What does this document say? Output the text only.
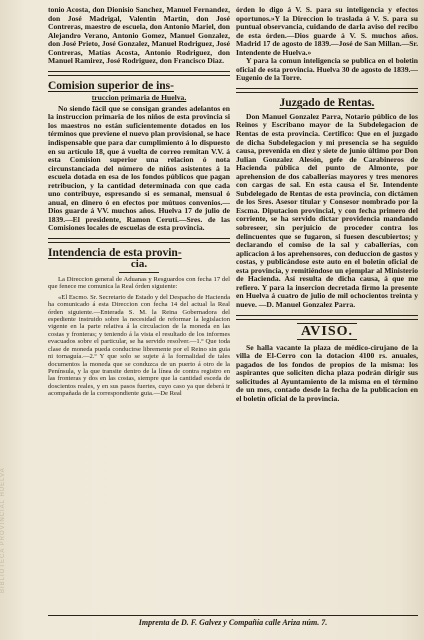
BIBLIOTECA PROVINCIAL HUELVA

tonio Acosta, don Dionisio Sanchez, Manuel Fernandez, don José Madrigal, Valentin Martin, don José Contreras, maestro de escuela, don Antonio Mariel, don Alejandro Verano, Antonio Gomez, Manuel Gonzalez, don José Prieto, José Gonzalez, Manuel Rodriguez, José Contreras, Matías Acosta, Antonio Rodriguez, don Manuel Ramirez, José Rodriguez, don Francisco Diaz.

Comision superior de ins-
truccion primaria de Huelva.

No siendo fácil que se consigan grandes adelantos en la instruccion primaria de los niños de esta provincia si los maestros no están suficientemente dotados en los términos que previene el nuevo plan provisional, se hace indispensable que para dar cumplimiento á lo dispuesto en su artículo 18, que á vuelta de correo remitan V.V. á esta Comision superior una relacion ó nota circunstanciada del número de niños asistentes á la escuela dotada en esa de los fondos públicos que pagan retribucion, y la cantidad determinada con que cada uno contribuye, espresando si es semanal, mensual ó anual, en dinero ó en efectos por mútuos convenios.—Dios guarde á VV. muchos años. Huelva 17 de julio de 1839.—El presidente, Ramon Cerutí.—Sres. de las Comisiones locales de escuelas de esta provincia.

Intendencia de esta provin-
cia.

La Direccion general de Aduanas y Resguardos con fecha 17 del que fenece me comunica la Real órden siguiente:

«El Escmo. Sr. Secretario de Estado y del Despacho de Hacienda ha comunicado á esta Direccion con fecha 14 del actual la Real órden siguiente.—Enterada S. M. la Reina Gobernadora del espediente instruido sobre la necesidad de reformar la legislacion vigente en la parte relativa á la circulacion de la moneda en las costas y fronteras; y teniendo á la vista el resultado de los informes evacuados sobre el particular, se ha servido resolver.—1.º Que toda clase de moneda pueda conducirse libremente por el Reino sin guia ni tornaguía.—2.º Y que solo se sujete á la formalidad de tales documentos la moneda que se conduzca de un puerto á otro de la Península, y la que transite dentro de la línea de contra registro en las fronteras y dos en las costas, siempre que la cantidad esceda de doscientos reales, y en sus pasos fuertes, cuyo caso ya que deberá ir acompañada de la correspondiente guia.—De Real

órden lo digo á V. S. para su inteligencia y efectos oportunos.»Y la Direccion lo traslada á V. S. para su puntual observancia, cuidando de darla aviso del recibo de esta órden.—Dios guarde á V. S. muchos años. Madrid 17 de agosto de 1839.—José de San Millan.—Sr. Intendente de Huelva.»

Y para la comun inteligencia se publica en el boletin oficial de esta provincia. Huelva 30 de agosto de 1839.—Eugenio de la Torre.

Juzgado de Rentas.

Don Manuel Gonzalez Parra, Notario público de los Reinos y Escribano mayor de la Subdelegacion de Rentas de esta provincia. Certifico: Que en el juzgado de dicha Subdelegacion y mi presencia se ha seguido causa, prevenida en diez y siete de junio último por Don Julian Gonzalez Alesón, gefe de Carabineros de Hacienda pública del punto de Almonte, por aprehension de dos caballerías mayores y tres menores con cargas de sal. En esta causa el Sr. Intendente Subdelegado de Rentas de esta provincia, con dictámen de los Sres. Asesor titular y Consesor nombrado por la Escma. Diputacion provincial, y con fecha primero del corriente, se ha servido dictar providencia mandando sobreseer, sin perjuicio de proceder contra los delincuentes que se fugaron, si fuesen descubiertos; y declarando el comiso de la sal y caballerías, con aplicacion á los aprehensores, con deduccion de gastos y costas, y publicándose este auto en el boletín oficial de esta provincia, y remitiéndose un ejemplar al Ministerio de Hacienda. Así resulta de dicha causa, á que me refiero. Y para la insercion decretada firmo la presente en Huelva á cuatro de julio de mil ochocientos treinta y nueve. —D. Manuel Gonzalez Parra.

AVISO.

Se halla vacante la plaza de médico-cirujano de la villa de El-Cerro con la dotacion 4100 rs. anuales, pagados de los fondos de propios de la misma: los aspirantes que soliciten dicha plaza podrán dirigir sus solicitudes al Ayuntamiento de la misma en el término de un mes, contado desde la fecha de la publicacion en el boletín oficial de la provincia.

Imprenta de D. F. Galvez y Compañía calle Ariza núm. 7.
